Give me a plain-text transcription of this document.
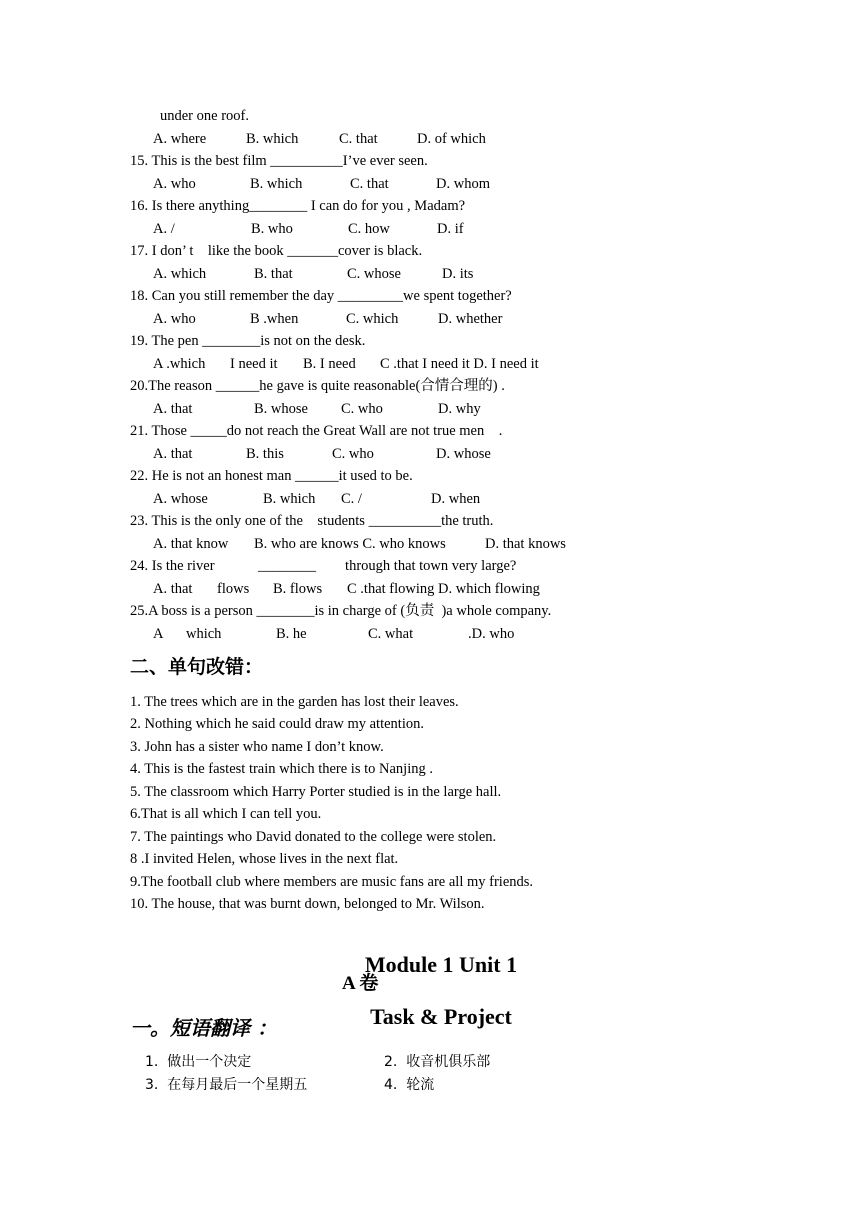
under one roof.
A. where	B. which	C. that	D. of which
15. This is the best film __________I’ve ever seen.
A. who	B. which	C. that	D. whom
16. Is there anything________ I can do for you , Madam?
A. /	B. who	C. how	D. if
17. I don’ t    like the book _______cover is black.
A. which	B. that	C. whose	D. its
18. Can you still remember the day _________we spent together?
A. who	B .when	C. which	D. whether
19. The pen ________is not on the desk.
A .which I need it B. I need C .that I need it D. I need it
20.The reason ______he gave is quite reasonable(合情合理的) .
A. that	B. whose C. who	D. why
21. Those _____do not reach the Great Wall are not true men    .
A. that	B. this	C. who	D. whose
22. He is not an honest man ______it used to be.
A. whose	B. which C. /	D. when
23. This is the only one of the    students __________the truth.
A. that know B. who are knows C. who knows	D. that knows
24. Is the river            ________        through that town very large?
A. that flows B. flows C .that flowing D. which flowing
25.A boss is a person ________is in charge of (负责  )a whole company.
A which	B. he	C. what	.D. who
二、单句改错：
1. The trees which are in the garden has lost their leaves.
2. Nothing which he said could draw my attention.
3. John has a sister who name I don’t know.
4. This is the fastest train which there is to Nanjing .
5. The classroom which Harry Porter studied is in the large hall.
6.That is all which I can tell you.
7. The paintings who David donated to the college were stolen.
8 .I invited Helen, whose lives in the next flat.
9.The football club where members are music fans are all my friends.
10. The house, that was burnt down, belonged to Mr. Wilson.

Module 1 Unit 1

Task & Project

A 卷
一。短语翻译 ：
1.  做出一个决定	2.  收音机俱乐部
3.  在每月最后一个星期五	4.  轮流
